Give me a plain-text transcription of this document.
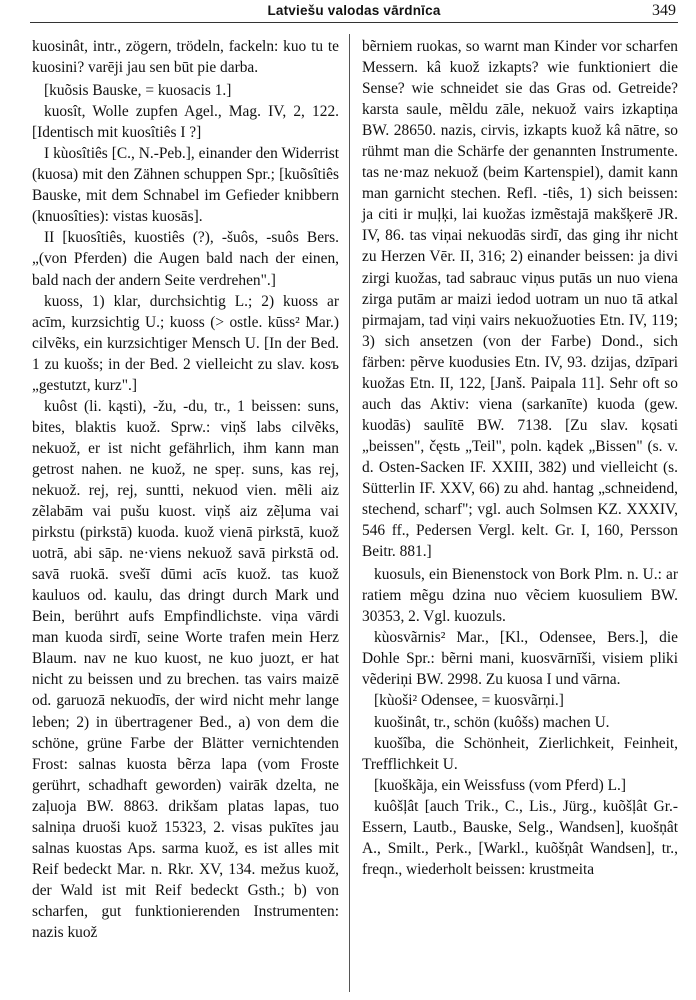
Latviešu valodas vārdnīca	349

kuosinât, intr., zögern, trödeln, fackeln: kuo tu te kuosini? varēji jau sen būt pie darba.

[kuõsis Bauske, = kuosacis 1.]

kuosît, Wolle zupfen Agel., Mag. IV, 2, 122. [Identisch mit kuosîtiês I ?]

I kùosîtiês [C., N.-Peb.], einander den Widerrist (kuosa) mit den Zähnen schuppen Spr.; [kuõsîtiês Bauske, mit dem Schnabel im Gefieder knibbern (knuosîties): vistas kuosās].

II [kuosîtiês, kuostiês (?), -šuôs, -suôs Bers. „(von Pferden) die Augen bald nach der einen, bald nach der andern Seite verdrehen".]

kuoss, 1) klar, durchsichtig L.; 2) kuoss ar acīm, kurzsichtig U.; kuoss (> ostle. kūss² Mar.) cilvẽks, ein kurzsichtiger Mensch U. [In der Bed. 1 zu kuošs; in der Bed. 2 vielleicht zu slav. kosъ „gestutzt, kurz".]

kuôst (li. kąsti), -žu, -du, tr., 1 beissen: suns, bites, blaktis kuož. Sprw.: viņš labs cilvẽks, nekuož, er ist nicht gefährlich, ihm kann man getrost nahen. ne kuož, ne speŗ. suns, kas rej, nekuož. rej, rej, suntti, nekuod vien. mẽli aiz zẽlabām vai pušu kuost. viņš aiz zẽļuma vai pirkstu (pirkstā) kuoda. kuož vienā pirkstā, kuož uotrā, abi sāp. ne·viens nekuož savā pirkstā od. savā ruokā. svešī dūmi acīs kuož. tas kuož kauluos od. kaulu, das dringt durch Mark und Bein, berührt aufs Empfindlichste. viņa vārdi man kuoda sirdī, seine Worte trafen mein Herz Blaum. nav ne kuo kuost, ne kuo juozt, er hat nicht zu beissen und zu brechen. tas vairs maizē od. garuozā nekuodīs, der wird nicht mehr lange leben; 2) in übertragener Bed., a) von dem die schöne, grüne Farbe der Blätter vernichtenden Frost: salnas kuosta bẽrza lapa (vom Froste gerührt, schadhaft geworden) vairāk dzelta, ne zaļuoja BW. 8863. drikšam platas lapas, tuo salniņa druoši kuož 15323, 2. visas pukītes jau salnas kuostas Aps. sarma kuož, es ist alles mit Reif bedeckt Mar. n. Rkr. XV, 134. mežus kuož, der Wald ist mit Reif bedeckt Gsth.; b) von scharfen, gut funktionierenden Instrumenten: nazis kuož

bẽrniem ruokas, so warnt man Kinder vor scharfen Messern. kâ kuož izkapts? wie funktioniert die Sense? wie schneidet sie das Gras od. Getreide? karsta saule, mẽldu zāle, nekuož vairs izkaptiņa BW. 28650. nazis, cirvis, izkapts kuož kâ nātre, so rühmt man die Schärfe der genannten Instrumente. tas ne·maz nekuož (beim Kartenspiel), damit kann man garnicht stechen. Refl. -tiês, 1) sich beissen: ja citi ir muļķi, lai kuožas izmẽstajā makšķerē JR. IV, 86. tas viņai nekuodās sirdī, das ging ihr nicht zu Herzen Vēr. II, 316; 2) einander beissen: ja divi zirgi kuožas, tad sabrauc viņus putās un nuo viena zirga putām ar maizi iedod uotram un nuo tā atkal pirmajam, tad viņi vairs nekuožuoties Etn. IV, 119; 3) sich ansetzen (von der Farbe) Dond., sich färben: pẽrve kuodusies Etn. IV, 93. dzijas, dzīpari kuožas Etn. II, 122, [Janš. Paipala 11]. Sehr oft so auch das Aktiv: viena (sarkanīte) kuoda (gew. kuodās) saulītē BW. 7138. [Zu slav. kǫsati „beissen", čęstь „Teil", poln. kądek „Bissen" (s. v. d. Osten-Sacken IF. XXIII, 382) und vielleicht (s. Sütterlin IF. XXV, 66) zu ahd. hantag „schneidend, stechend, scharf"; vgl. auch Solmsen KZ. XXXIV, 546 ff., Pedersen Vergl. kelt. Gr. I, 160, Persson Beitr. 881.]

kuosuls, ein Bienenstock von Bork Plm. n. U.: ar ratiem mẽgu dzina nuo vẽciem kuosuliem BW. 30353, 2. Vgl. kuozuls.

kùosvãrnis² Mar., [Kl., Odensee, Bers.], die Dohle Spr.: bẽrni mani, kuosvārnīši, visiem pliki vẽderiņi BW. 2998. Zu kuosa I und vārna.

[kùoši² Odensee, = kuosvãrņi.]

kuošinât, tr., schön (kuôšs) machen U.

kuošîba, die Schönheit, Zierlichkeit, Feinheit, Trefflichkeit U.

[kuoškãja, ein Weissfuss (vom Pferd) L.]

kuôšļât [auch Trik., C., Lis., Jürg., kuõšļât Gr.-Essern, Lautb., Bauske, Selg., Wandsen], kuošņât A., Smilt., Perk., [Warkl., kuõšņât Wandsen], tr., freqn., wiederholt beissen: krustmeita
